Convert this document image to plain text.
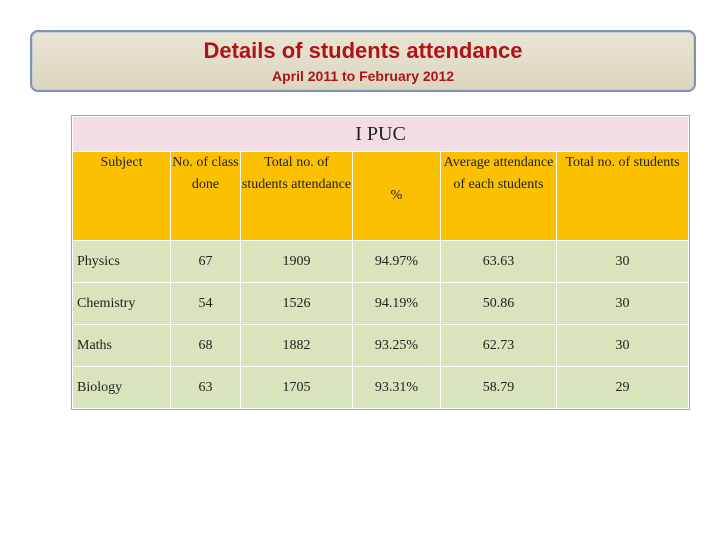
Details of students attendance
April 2011 to February 2012
I PUC					
Subject	No. of class done	Total no. of students attendance	%	Average attendance of each students	Total no. of students
Physics	67	1909	94.97%	63.63	30
Chemistry	54	1526	94.19%	50.86	30
Maths	68	1882	93.25%	62.73	30
Biology	63	1705	93.31%	58.79	29
